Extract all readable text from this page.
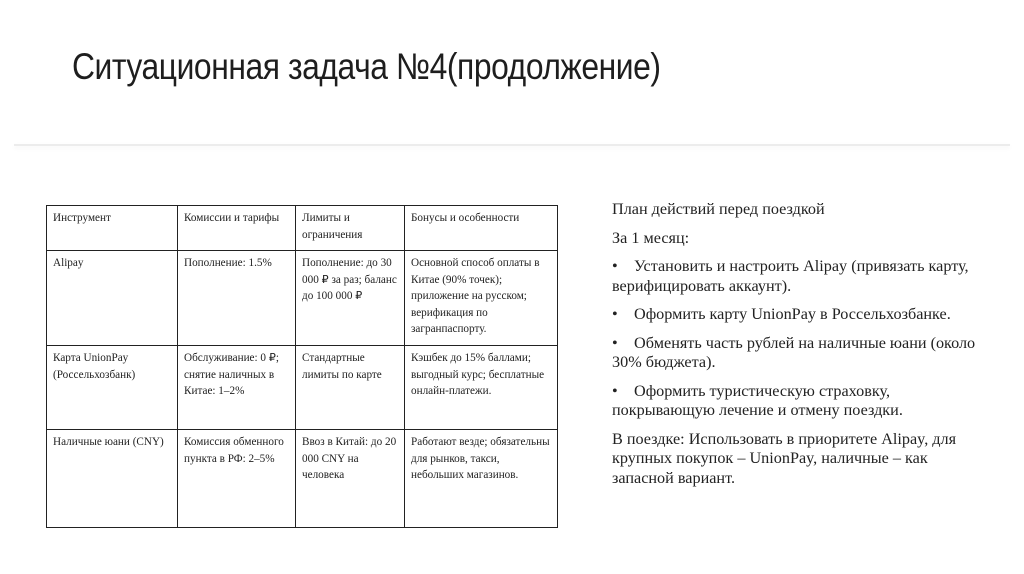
Ситуационная задача №4(продолжение)
Инструмент	Комиссии и тарифы	Лимиты и ограничения	Бонусы и особенности
Alipay	Пополнение: 1.5%	Пополнение: до 30 000 ₽ за раз; баланс до 100 000 ₽	Основной способ оплаты в Китае (90% точек); приложение на русском; верификация по загранпаспорту.
Карта UnionPay (Россельхозбанк)	Обслуживание: 0 ₽; снятие наличных в Китае: 1–2%	Стандартные лимиты по карте	Кэшбек до 15% баллами; выгодный курс; бесплатные онлайн-платежи.
Наличные юани (CNY)	Комиссия обменного пункта в РФ: 2–5%	Ввоз в Китай: до 20 000 CNY на человека	Работают везде; обязательны для рынков, такси, небольших магазинов.

План действий перед поездкой

За 1 месяц:

• Установить и настроить Alipay (привязать карту, верифицировать аккаунт).

• Оформить карту UnionPay в Россельхозбанке.

• Обменять часть рублей на наличные юани (около 30% бюджета).

• Оформить туристическую страховку, покрывающую лечение и отмену поездки.

В поездке: Использовать в приоритете Alipay, для крупных покупок – UnionPay, наличные – как запасной вариант.
